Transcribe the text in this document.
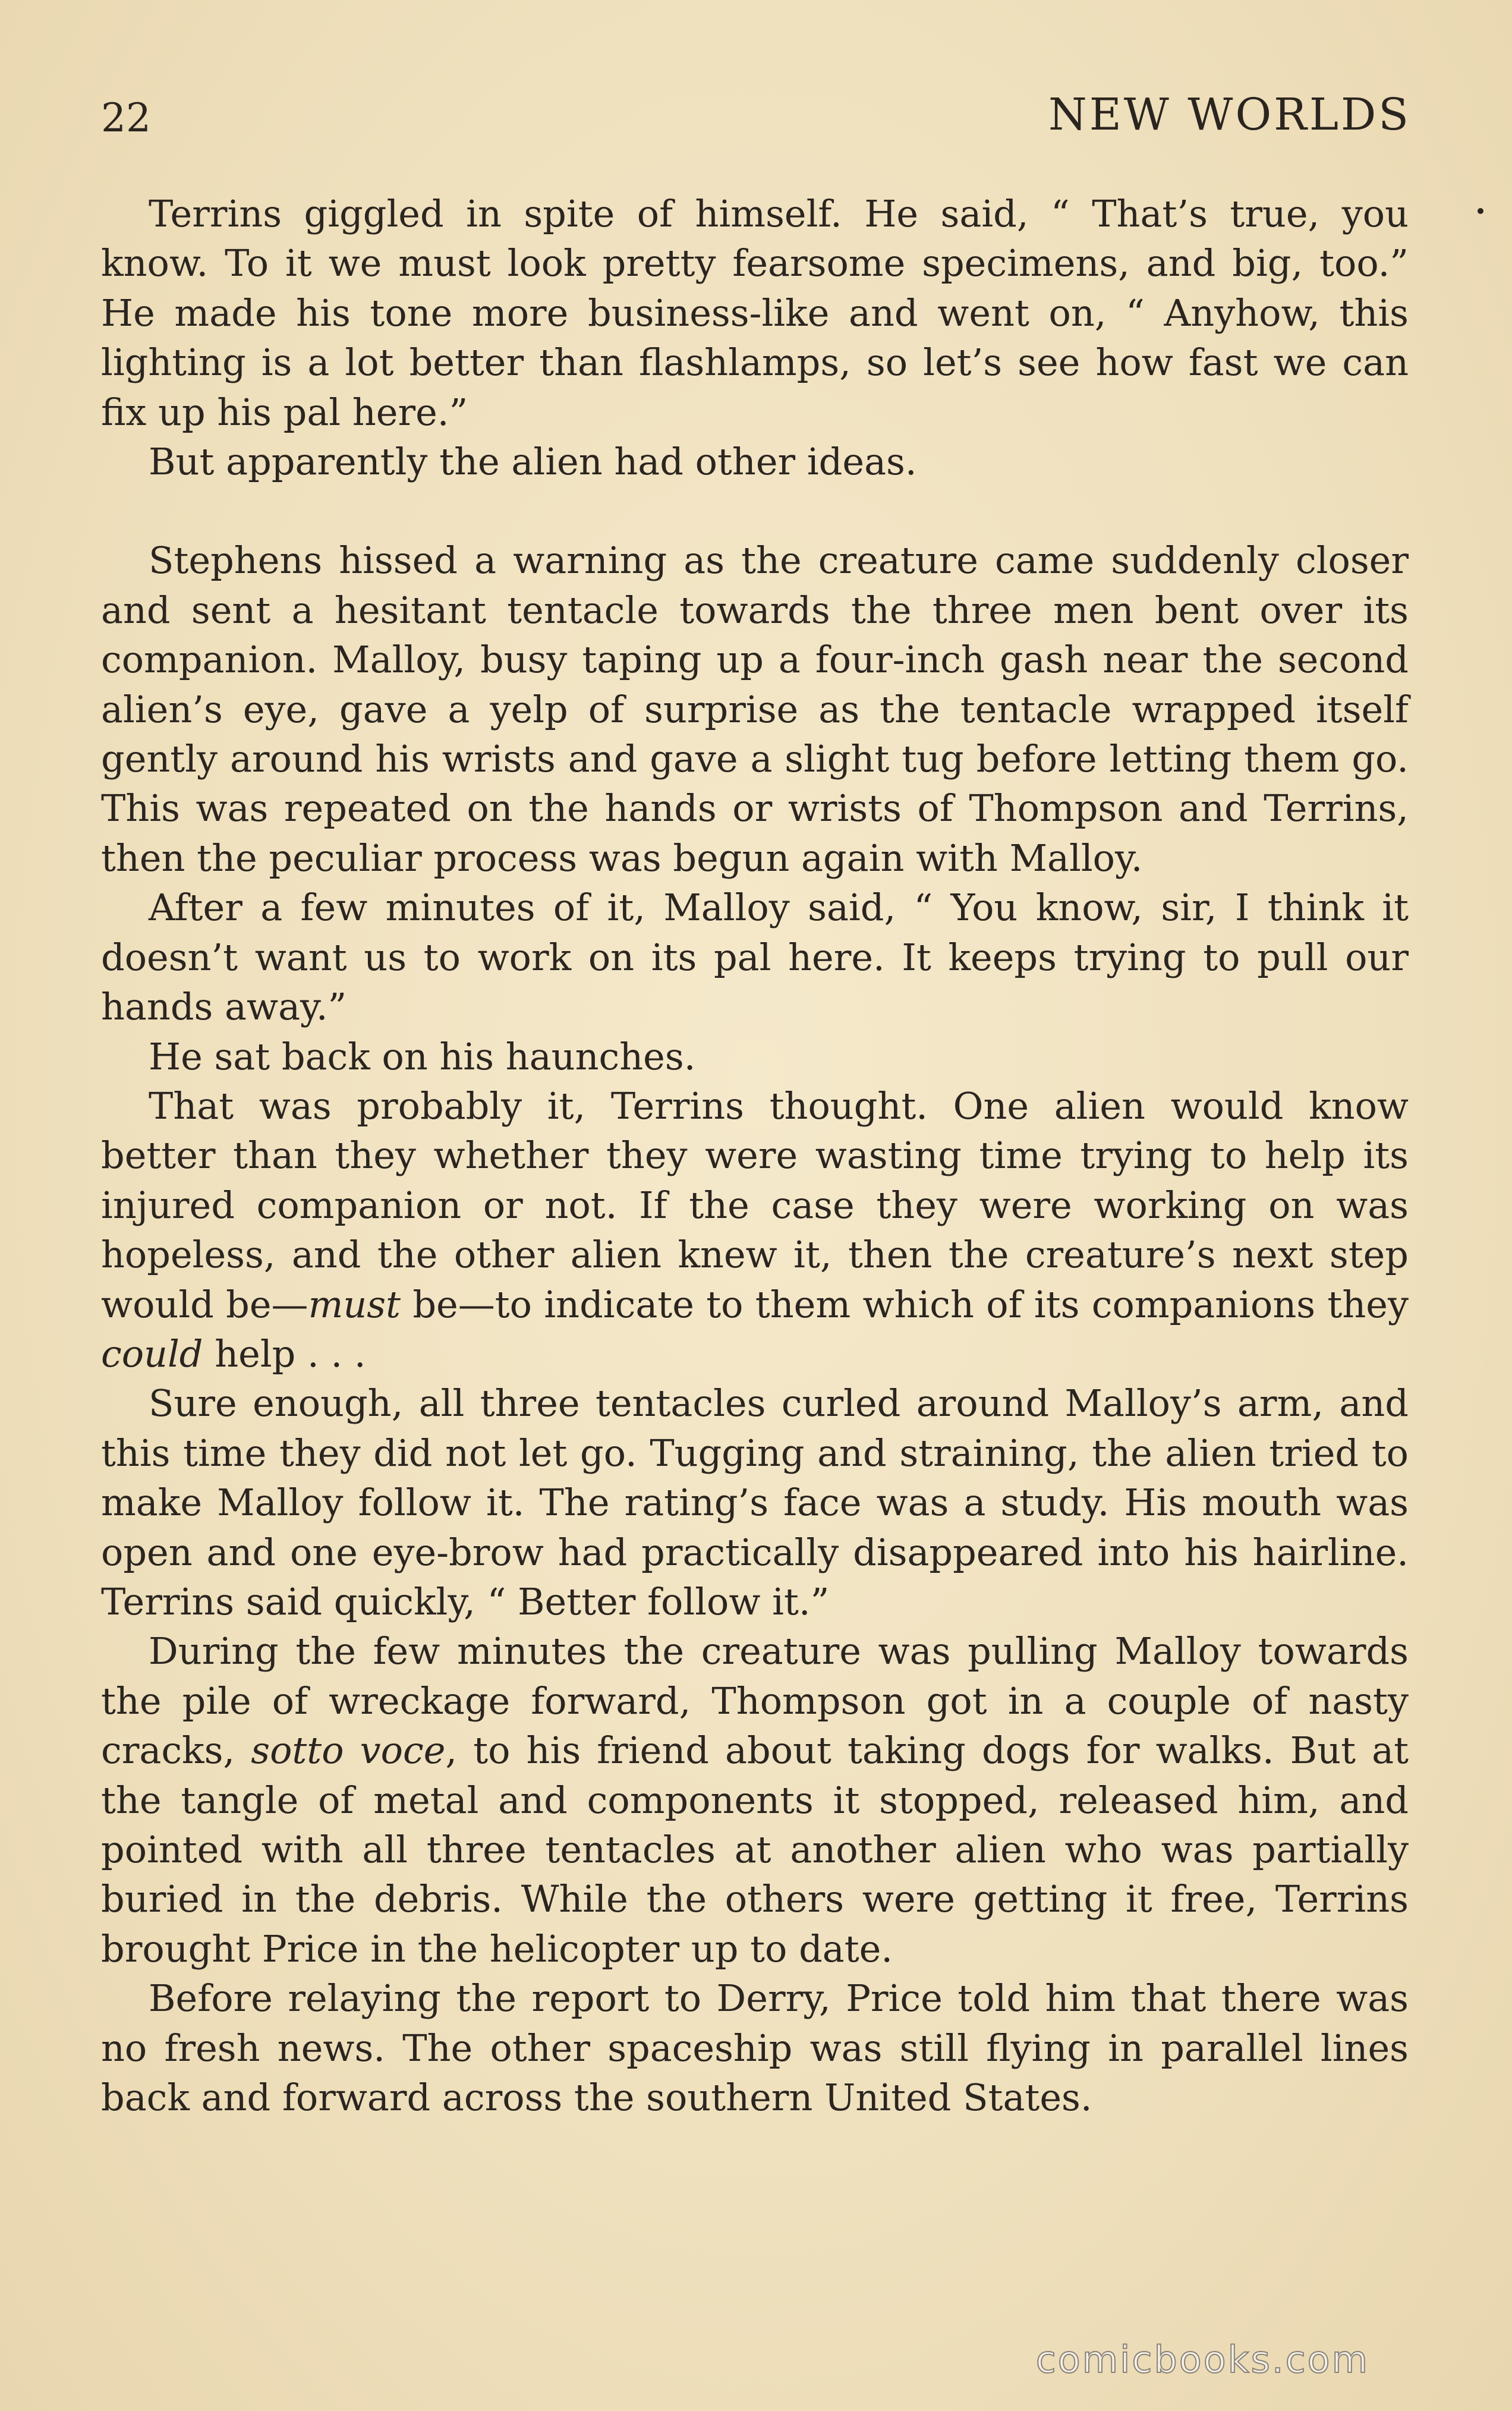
22	NEW WORLDS

Terrins giggled in spite of himself. He said, “ That’s true, you know. To it we must look pretty fearsome specimens, and big, too.” He made his tone more business-like and went on, “ Anyhow, this lighting is a lot better than flashlamps, so let’s see how fast we can fix up his pal here.”

But apparently the alien had other ideas.

Stephens hissed a warning as the creature came suddenly closer and sent a hesitant tentacle towards the three men bent over its companion. Malloy, busy taping up a four-inch gash near the second alien’s eye, gave a yelp of surprise as the tentacle wrapped itself gently around his wrists and gave a slight tug before letting them go. This was repeated on the hands or wrists of Thompson and Terrins, then the peculiar process was begun again with Malloy.

After a few minutes of it, Malloy said, “ You know, sir, I think it doesn’t want us to work on its pal here. It keeps trying to pull our hands away.”

He sat back on his haunches.

That was probably it, Terrins thought. One alien would know better than they whether they were wasting time trying to help its injured companion or not. If the case they were working on was hopeless, and the other alien knew it, then the creature’s next step would be—must be—to indicate to them which of its companions they could help . . .

Sure enough, all three tentacles curled around Malloy’s arm, and this time they did not let go. Tugging and straining, the alien tried to make Malloy follow it. The rating’s face was a study. His mouth was open and one eye-brow had practically disappeared into his hairline. Terrins said quickly, “ Better follow it.”

During the few minutes the creature was pulling Malloy towards the pile of wreckage forward, Thompson got in a couple of nasty cracks, sotto voce, to his friend about taking dogs for walks. But at the tangle of metal and components it stopped, released him, and pointed with all three tentacles at another alien who was partially buried in the debris. While the others were getting it free, Terrins brought Price in the helicopter up to date.

Before relaying the report to Derry, Price told him that there was no fresh news. The other spaceship was still flying in parallel lines back and forward across the southern United States.

comicbooks.com
